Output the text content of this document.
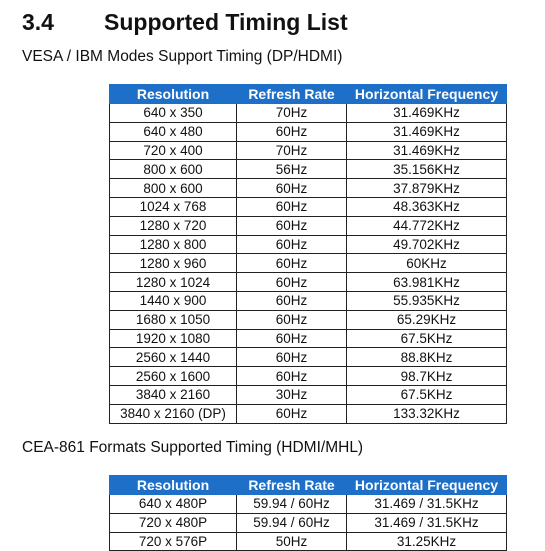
3.4 Supported Timing List
VESA / IBM Modes Support Timing (DP/HDMI)
Resolution	Refresh Rate	Horizontal Frequency
640 x 350	70Hz	31.469KHz
640 x 480	60Hz	31.469KHz
720 x 400	70Hz	31.469KHz
800 x 600	56Hz	35.156KHz
800 x 600	60Hz	37.879KHz
1024 x 768	60Hz	48.363KHz
1280 x 720	60Hz	44.772KHz
1280 x 800	60Hz	49.702KHz
1280 x 960	60Hz	60KHz
1280 x 1024	60Hz	63.981KHz
1440 x 900	60Hz	55.935KHz
1680 x 1050	60Hz	65.29KHz
1920 x 1080	60Hz	67.5KHz
2560 x 1440	60Hz	88.8KHz
2560 x 1600	60Hz	98.7KHz
3840 x 2160	30Hz	67.5KHz
3840 x 2160 (DP)	60Hz	133.32KHz
CEA-861 Formats Supported Timing (HDMI/MHL)
Resolution	Refresh Rate	Horizontal Frequency
640 x 480P	59.94 / 60Hz	31.469 / 31.5KHz
720 x 480P	59.94 / 60Hz	31.469 / 31.5KHz
720 x 576P	50Hz	31.25KHz
